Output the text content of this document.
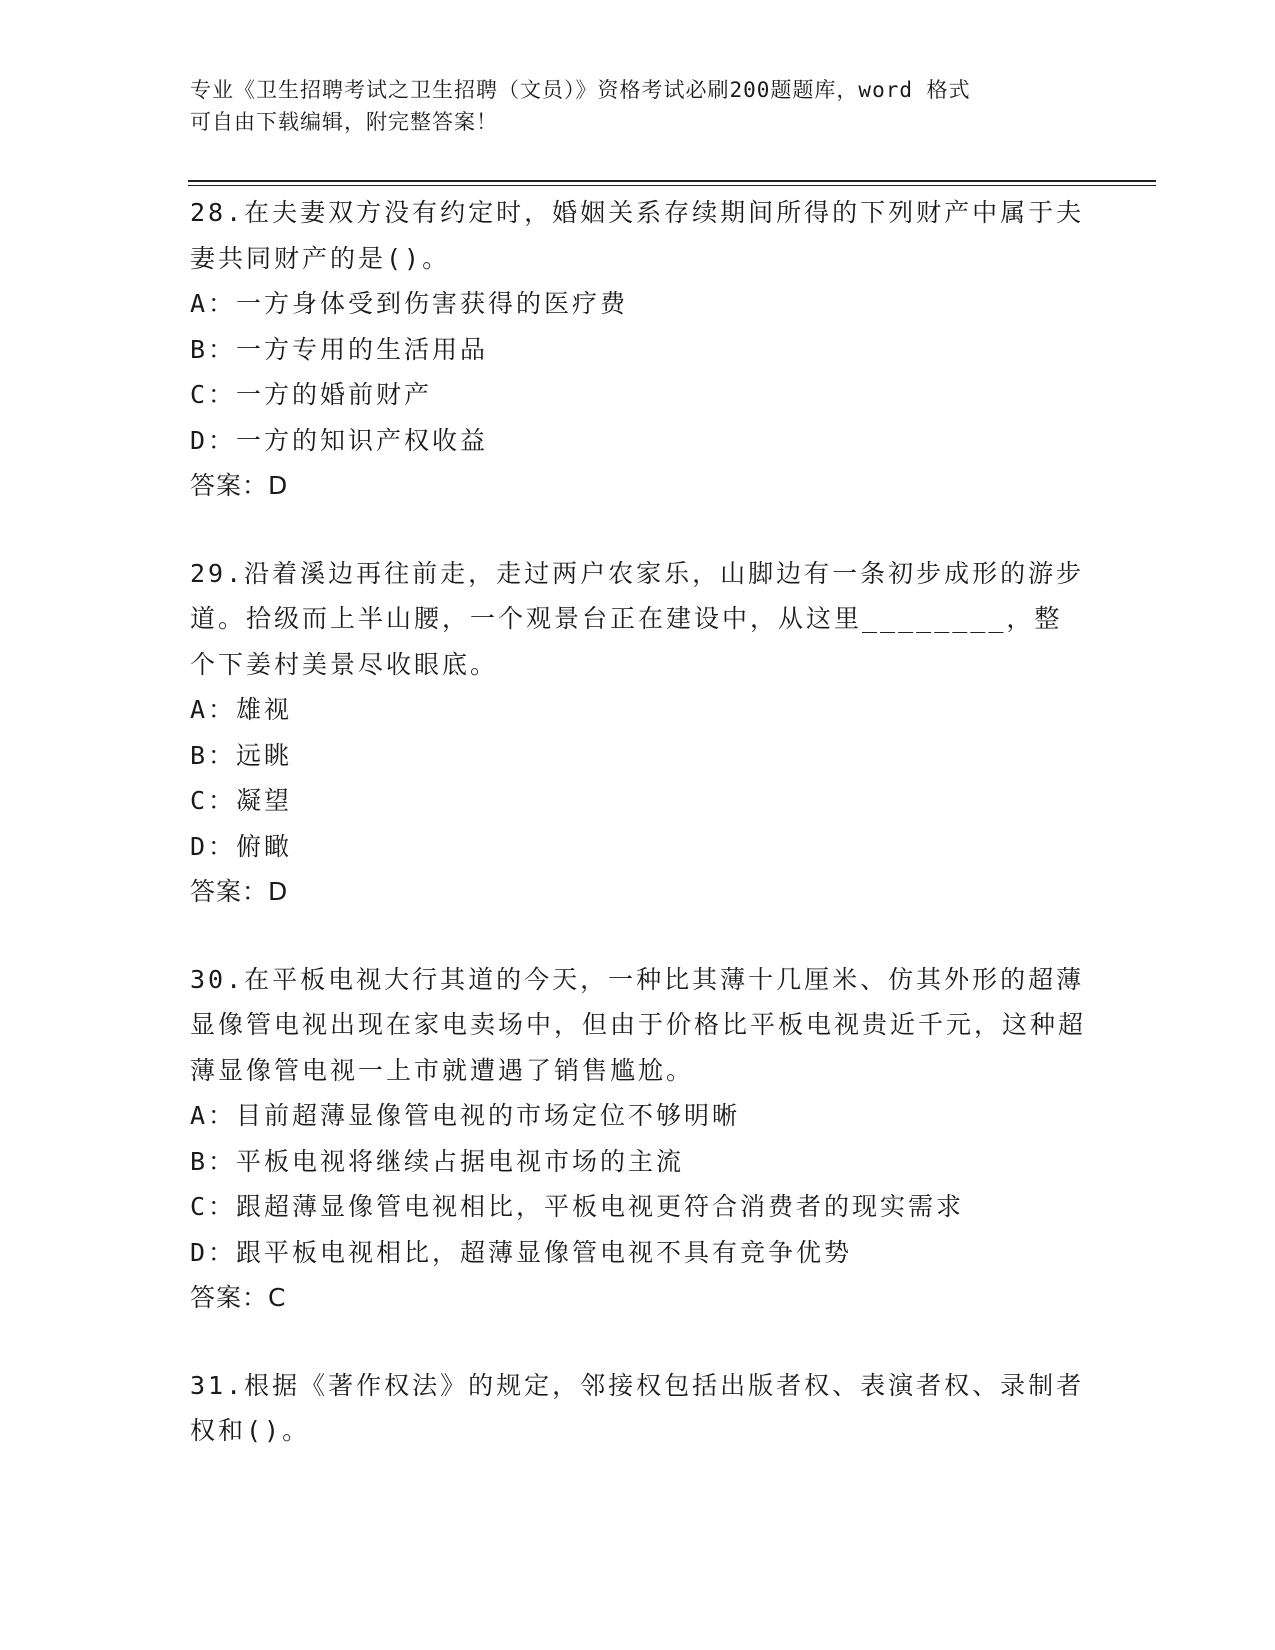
专业《卫生招聘考试之卫生招聘（文员）》资格考试必刷200题题库，word 格式
可自由下载编辑，附完整答案！
28.在夫妻双方没有约定时，婚姻关系存续期间所得的下列财产中属于夫妻共同财产的是()。
A：一方身体受到伤害获得的医疗费
B：一方专用的生活用品
C：一方的婚前财产
D：一方的知识产权收益
答案：D
29.沿着溪边再往前走，走过两户农家乐，山脚边有一条初步成形的游步道。拾级而上半山腰，一个观景台正在建设中，从这里________，整个下姜村美景尽收眼底。
A：雄视
B：远眺
C：凝望
D：俯瞰
答案：D
30.在平板电视大行其道的今天，一种比其薄十几厘米、仿其外形的超薄显像管电视出现在家电卖场中，但由于价格比平板电视贵近千元，这种超薄显像管电视一上市就遭遇了销售尴尬。
A：目前超薄显像管电视的市场定位不够明晰
B：平板电视将继续占据电视市场的主流
C：跟超薄显像管电视相比，平板电视更符合消费者的现实需求
D：跟平板电视相比，超薄显像管电视不具有竞争优势
答案：C
31.根据《著作权法》的规定，邻接权包括出版者权、表演者权、录制者权和()。
